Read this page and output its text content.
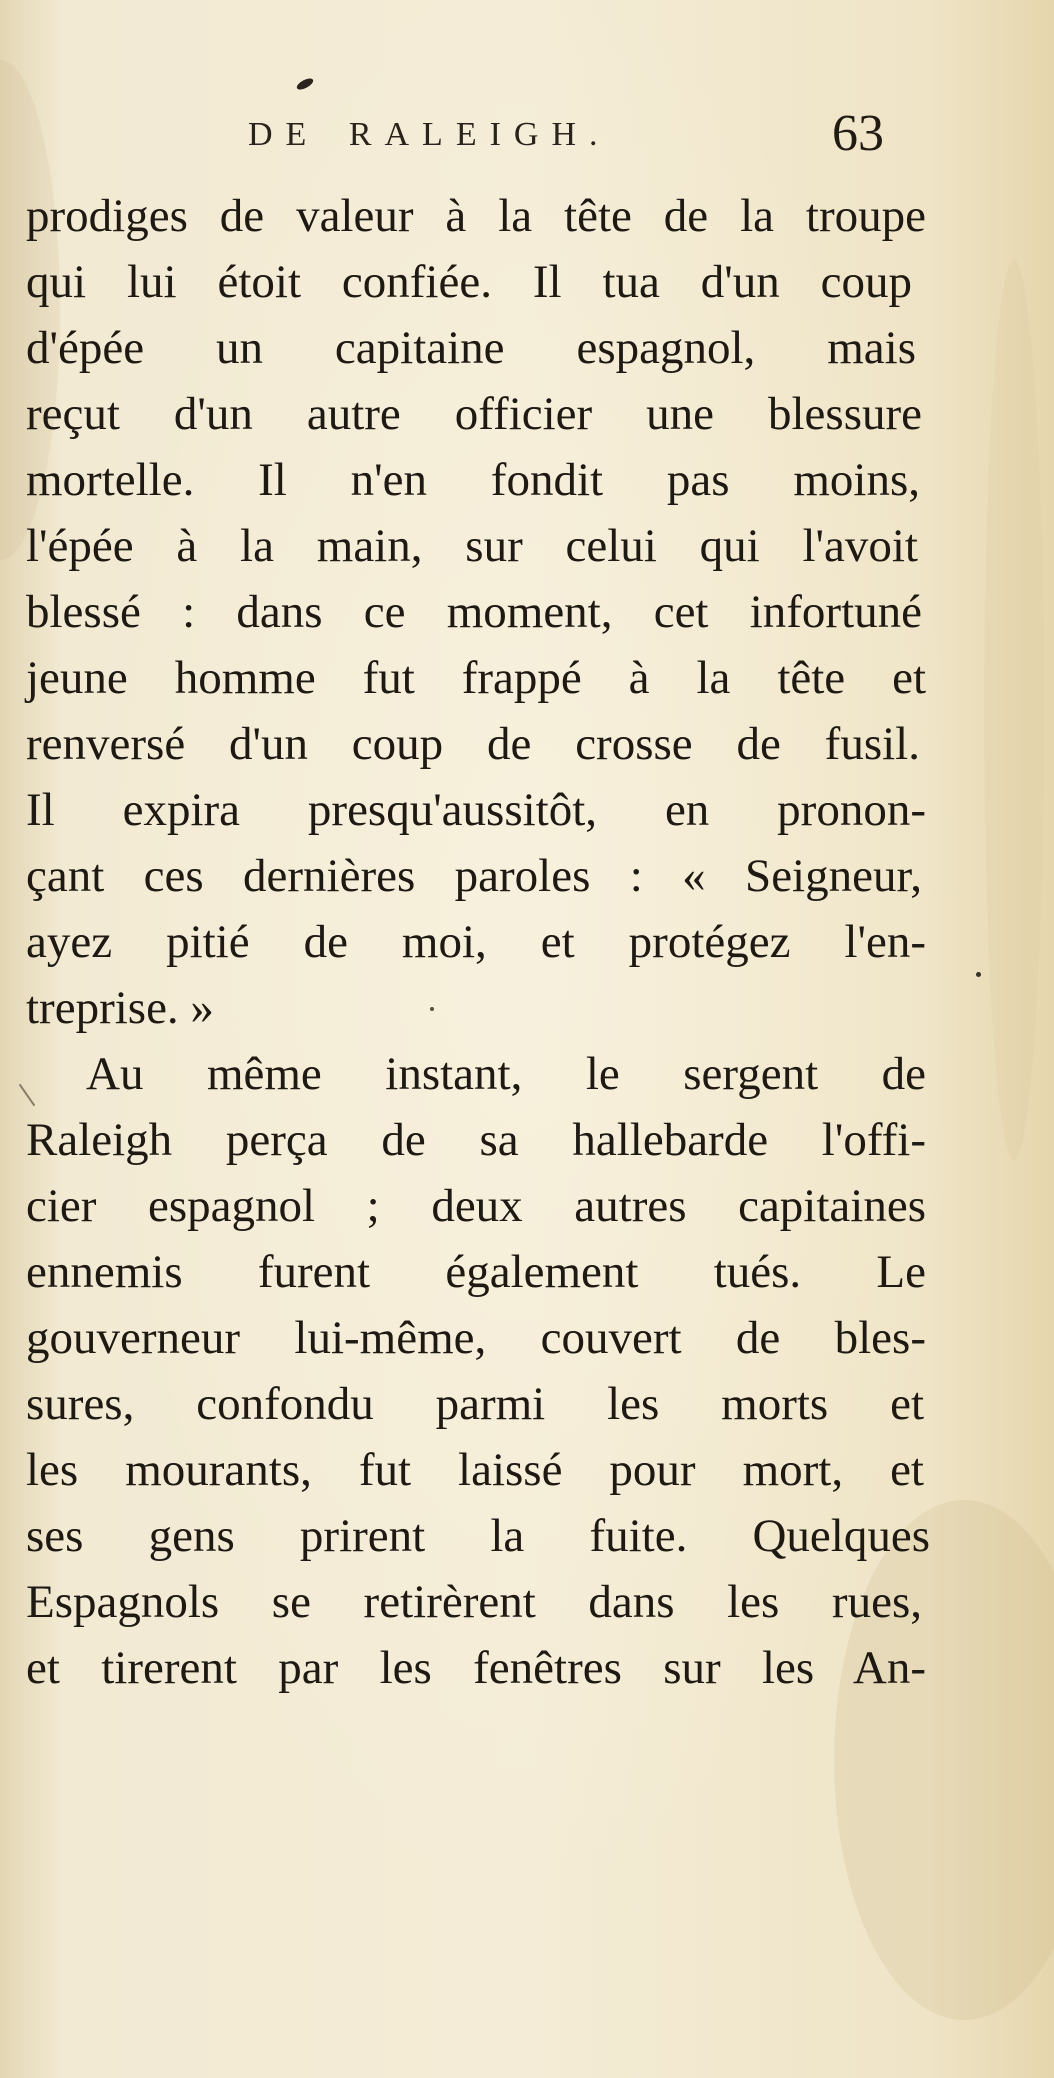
DE RALEIGH.	63
prodiges de valeur à la tête de la troupe
qui lui étoit confiée. Il tua d'un coup
d'épée un capitaine espagnol, mais
reçut d'un autre officier une blessure
mortelle. Il n'en fondit pas moins,
l'épée à la main, sur celui qui l'avoit
blessé : dans ce moment, cet infortuné
jeune homme fut frappé à la tête et
renversé d'un coup de crosse de fusil.
Il expira presqu'aussitôt, en pronon-
çant ces dernières paroles : « Seigneur,
ayez pitié de moi, et protégez l'en-
treprise. »
Au même instant, le sergent de
Raleigh perça de sa hallebarde l'offi-
cier espagnol ; deux autres capitaines
ennemis furent également tués. Le
gouverneur lui-même, couvert de bles-
sures, confondu parmi les morts et
les mourants, fut laissé pour mort, et
ses gens prirent la fuite. Quelques
Espagnols se retirèrent dans les rues,
et tirerent par les fenêtres sur les An-
